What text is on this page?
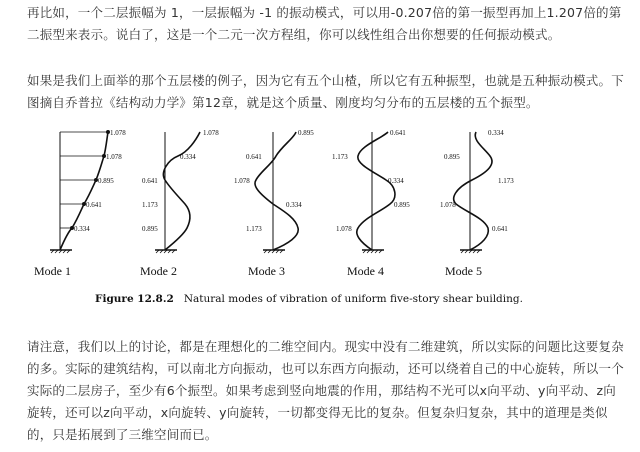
再比如，一个二层振幅为 1，一层振幅为 -1 的振动模式，可以用-0.207倍的第一振型再加上1.207倍的第二振型来表示。说白了，这是一个二元一次方程组，你可以线性组合出你想要的任何振动模式。

如果是我们上面举的那个五层楼的例子，因为它有五个山楂，所以它有五种振型，也就是五种振动模式。下图摘自乔普拉《结构动力学》第12章，就是这个质量、刚度均匀分布的五层楼的五个振型。

1.078
1.078
0.895
0.641
0.334
Mode 1
1.078
0.334
0.641
1.173
0.895
Mode 2
0.895
0.641
1.078
0.334
1.173
Mode 3
0.641
1.173
0.334
0.895
1.078
Mode 4
0.334
0.895
1.173
1.078
0.641
Mode 5
Figure 12.8.2 Natural modes of vibration of uniform five-story shear building.

请注意，我们以上的讨论，都是在理想化的二维空间内。现实中没有二维建筑，所以实际的问题比这要复杂的多。实际的建筑结构，可以南北方向振动，也可以东西方向振动，还可以绕着自己的中心旋转，所以一个实际的二层房子，至少有6个振型。如果考虑到竖向地震的作用，那结构不光可以x向平动、y向平动、z向旋转，还可以z向平动，x向旋转、y向旋转，一切都变得无比的复杂。但复杂归复杂，其中的道理是类似的，只是拓展到了三维空间而已。
